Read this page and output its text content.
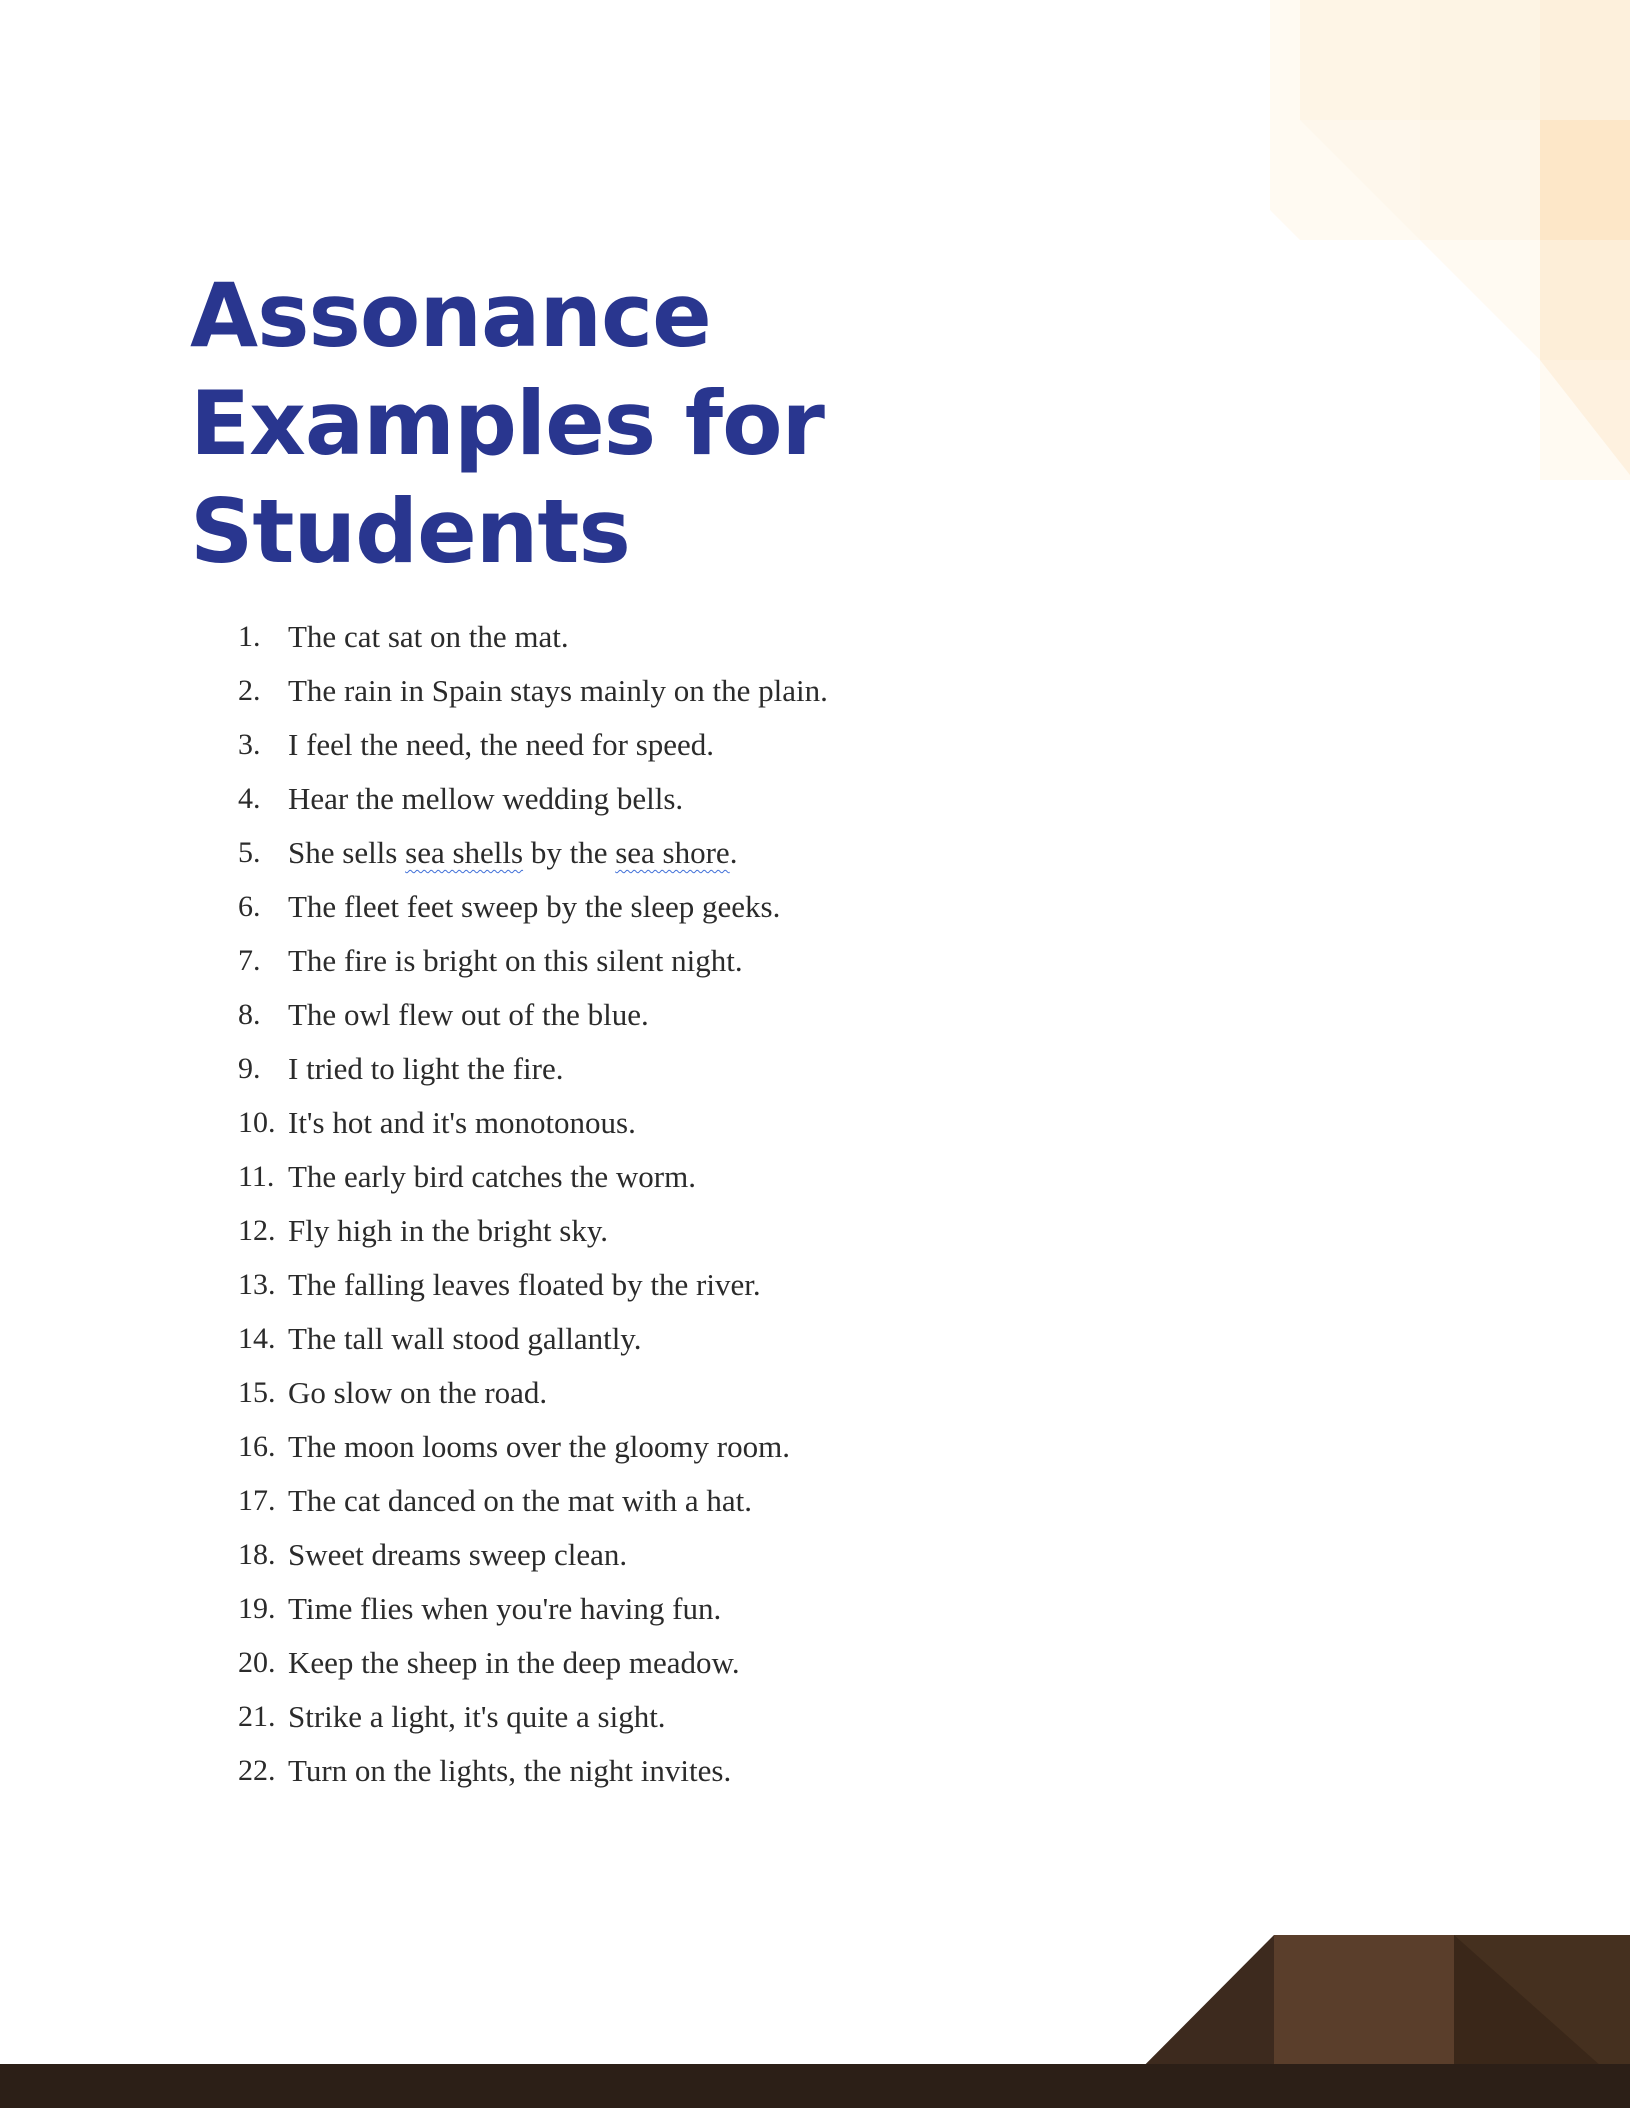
Assonance
Examples for
Students
1. The cat sat on the mat.
2. The rain in Spain stays mainly on the plain.
3. I feel the need, the need for speed.
4. Hear the mellow wedding bells.
5. She sells sea shells by the sea shore.
6. The fleet feet sweep by the sleep geeks.
7. The fire is bright on this silent night.
8. The owl flew out of the blue.
9. I tried to light the fire.
10. It's hot and it's monotonous.
11. The early bird catches the worm.
12. Fly high in the bright sky.
13. The falling leaves floated by the river.
14. The tall wall stood gallantly.
15. Go slow on the road.
16. The moon looms over the gloomy room.
17. The cat danced on the mat with a hat.
18. Sweet dreams sweep clean.
19. Time flies when you're having fun.
20. Keep the sheep in the deep meadow.
21. Strike a light, it's quite a sight.
22. Turn on the lights, the night invites.
